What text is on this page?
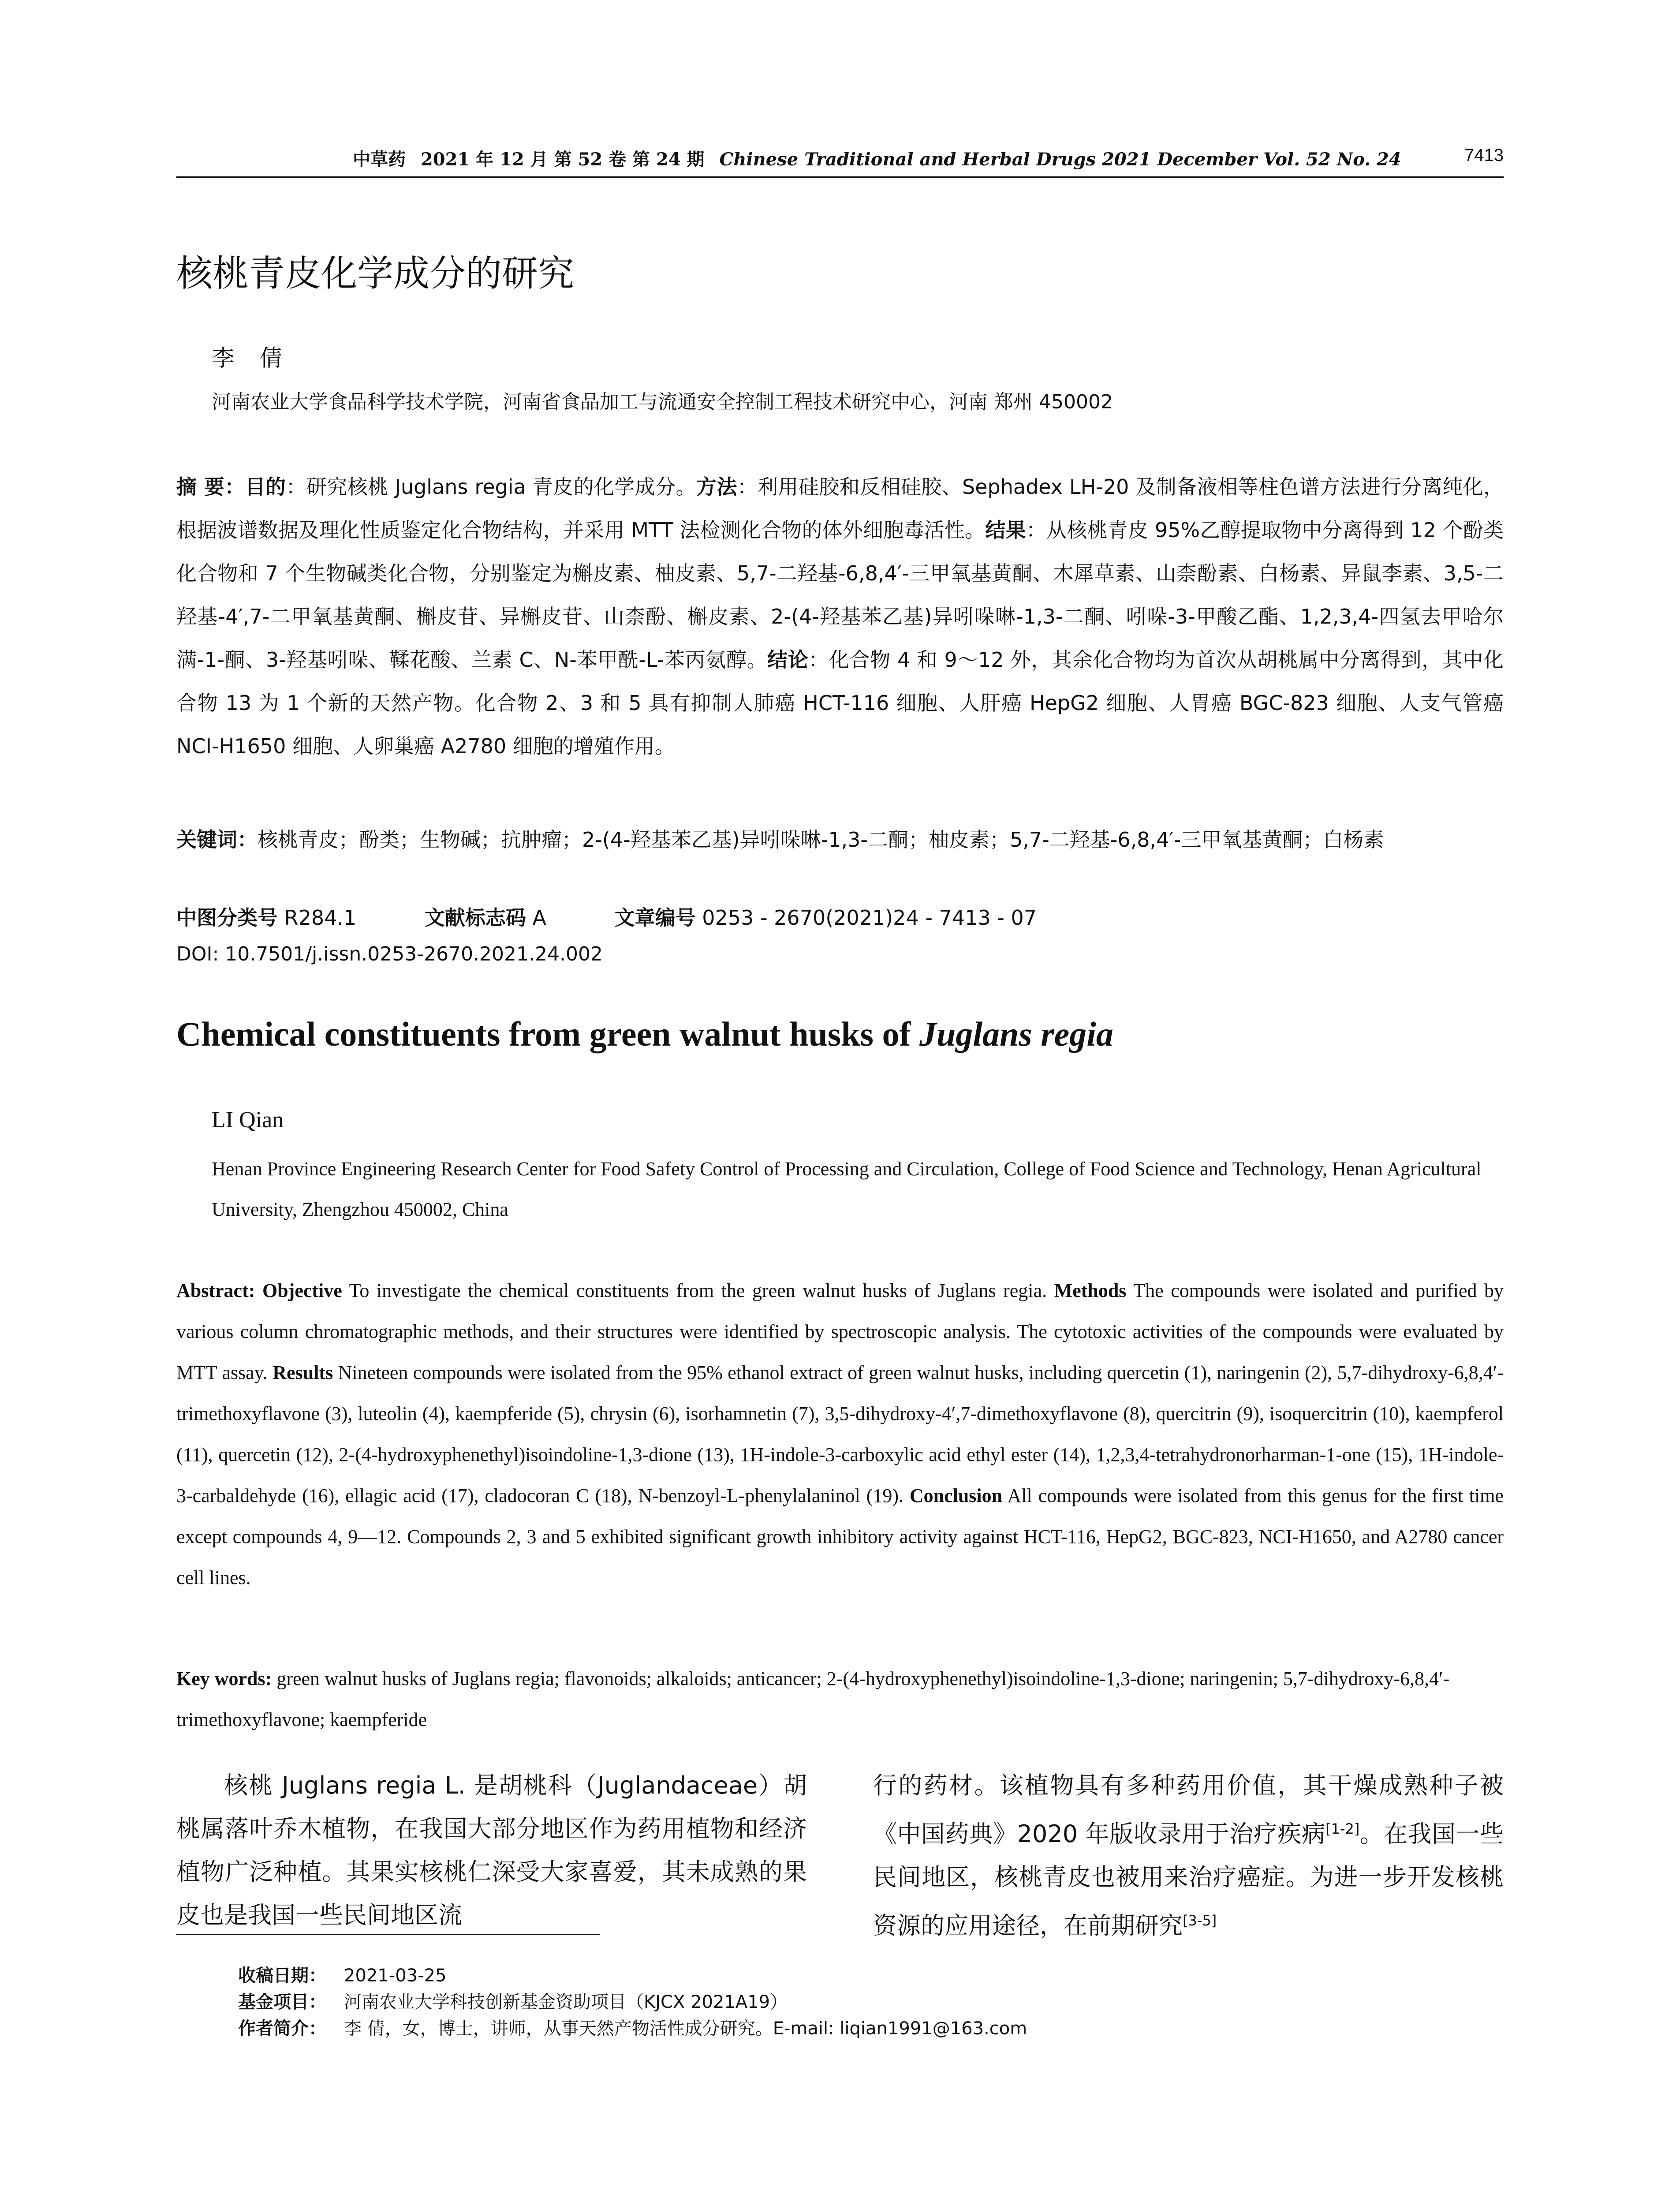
中草药 2021 年 12 月 第 52 卷 第 24 期 Chinese Traditional and Herbal Drugs 2021 December Vol. 52 No. 24	7413
核桃青皮化学成分的研究
李 倩
河南农业大学食品科学技术学院，河南省食品加工与流通安全控制工程技术研究中心，河南 郑州 450002
摘 要：目的：研究核桃 Juglans regia 青皮的化学成分。方法：利用硅胶和反相硅胶、Sephadex LH-20 及制备液相等柱色谱方法进行分离纯化，根据波谱数据及理化性质鉴定化合物结构，并采用 MTT 法检测化合物的体外细胞毒活性。结果：从核桃青皮 95%乙醇提取物中分离得到 12 个酚类化合物和 7 个生物碱类化合物，分别鉴定为槲皮素、柚皮素、5,7-二羟基-6,8,4′-三甲氧基黄酮、木犀草素、山柰酚素、白杨素、异鼠李素、3,5-二羟基-4′,7-二甲氧基黄酮、槲皮苷、异槲皮苷、山柰酚、槲皮素、2-(4-羟基苯乙基)异吲哚啉-1,3-二酮、吲哚-3-甲酸乙酯、1,2,3,4-四氢去甲哈尔满-1-酮、3-羟基吲哚、鞣花酸、兰素 C、N-苯甲酰-L-苯丙氨醇。结论：化合物 4 和 9～12 外，其余化合物均为首次从胡桃属中分离得到，其中化合物 13 为 1 个新的天然产物。化合物 2、3 和 5 具有抑制人肺癌 HCT-116 细胞、人肝癌 HepG2 细胞、人胃癌 BGC-823 细胞、人支气管癌 NCI-H1650 细胞、人卵巢癌 A2780 细胞的增殖作用。
关键词：核桃青皮；酚类；生物碱；抗肿瘤；2-(4-羟基苯乙基)异吲哚啉-1,3-二酮；柚皮素；5,7-二羟基-6,8,4′-三甲氧基黄酮；白杨素
中图分类号 R284.1	文献标志码 A	文章编号 0253 - 2670(2021)24 - 7413 - 07
DOI: 10.7501/j.issn.0253-2670.2021.24.002
Chemical constituents from green walnut husks of Juglans regia
LI Qian
Henan Province Engineering Research Center for Food Safety Control of Processing and Circulation, College of Food Science and Technology, Henan Agricultural University, Zhengzhou 450002, China
Abstract: Objective To investigate the chemical constituents from the green walnut husks of Juglans regia. Methods The compounds were isolated and purified by various column chromatographic methods, and their structures were identified by spectroscopic analysis. The cytotoxic activities of the compounds were evaluated by MTT assay. Results Nineteen compounds were isolated from the 95% ethanol extract of green walnut husks, including quercetin (1), naringenin (2), 5,7-dihydroxy-6,8,4′-trimethoxyflavone (3), luteolin (4), kaempferide (5), chrysin (6), isorhamnetin (7), 3,5-dihydroxy-4′,7-dimethoxyflavone (8), quercitrin (9), isoquercitrin (10), kaempferol (11), quercetin (12), 2-(4-hydroxyphenethyl)isoindoline-1,3-dione (13), 1H-indole-3-carboxylic acid ethyl ester (14), 1,2,3,4-tetrahydronorharman-1-one (15), 1H-indole-3-carbaldehyde (16), ellagic acid (17), cladocoran C (18), N-benzoyl-L-phenylalaninol (19). Conclusion All compounds were isolated from this genus for the first time except compounds 4, 9—12. Compounds 2, 3 and 5 exhibited significant growth inhibitory activity against HCT-116, HepG2, BGC-823, NCI-H1650, and A2780 cancer cell lines.
Key words: green walnut husks of Juglans regia; flavonoids; alkaloids; anticancer; 2-(4-hydroxyphenethyl)isoindoline-1,3-dione; naringenin; 5,7-dihydroxy-6,8,4′-trimethoxyflavone; kaempferide
核桃 Juglans regia L. 是胡桃科（Juglandaceae）胡桃属落叶乔木植物，在我国大部分地区作为药用植物和经济植物广泛种植。其果实核桃仁深受大家喜爱，其未成熟的果皮也是我国一些民间地区流
行的药材。该植物具有多种药用价值，其干燥成熟种子被《中国药典》2020 年版收录用于治疗疾病[1-2]。在我国一些民间地区，核桃青皮也被用来治疗癌症。为进一步开发核桃资源的应用途径，在前期研究[3-5]
收稿日期： 2021-03-25
基金项目： 河南农业大学科技创新基金资助项目（KJCX 2021A19）
作者简介： 李 倩，女，博士，讲师，从事天然产物活性成分研究。E-mail: liqian1991@163.com
